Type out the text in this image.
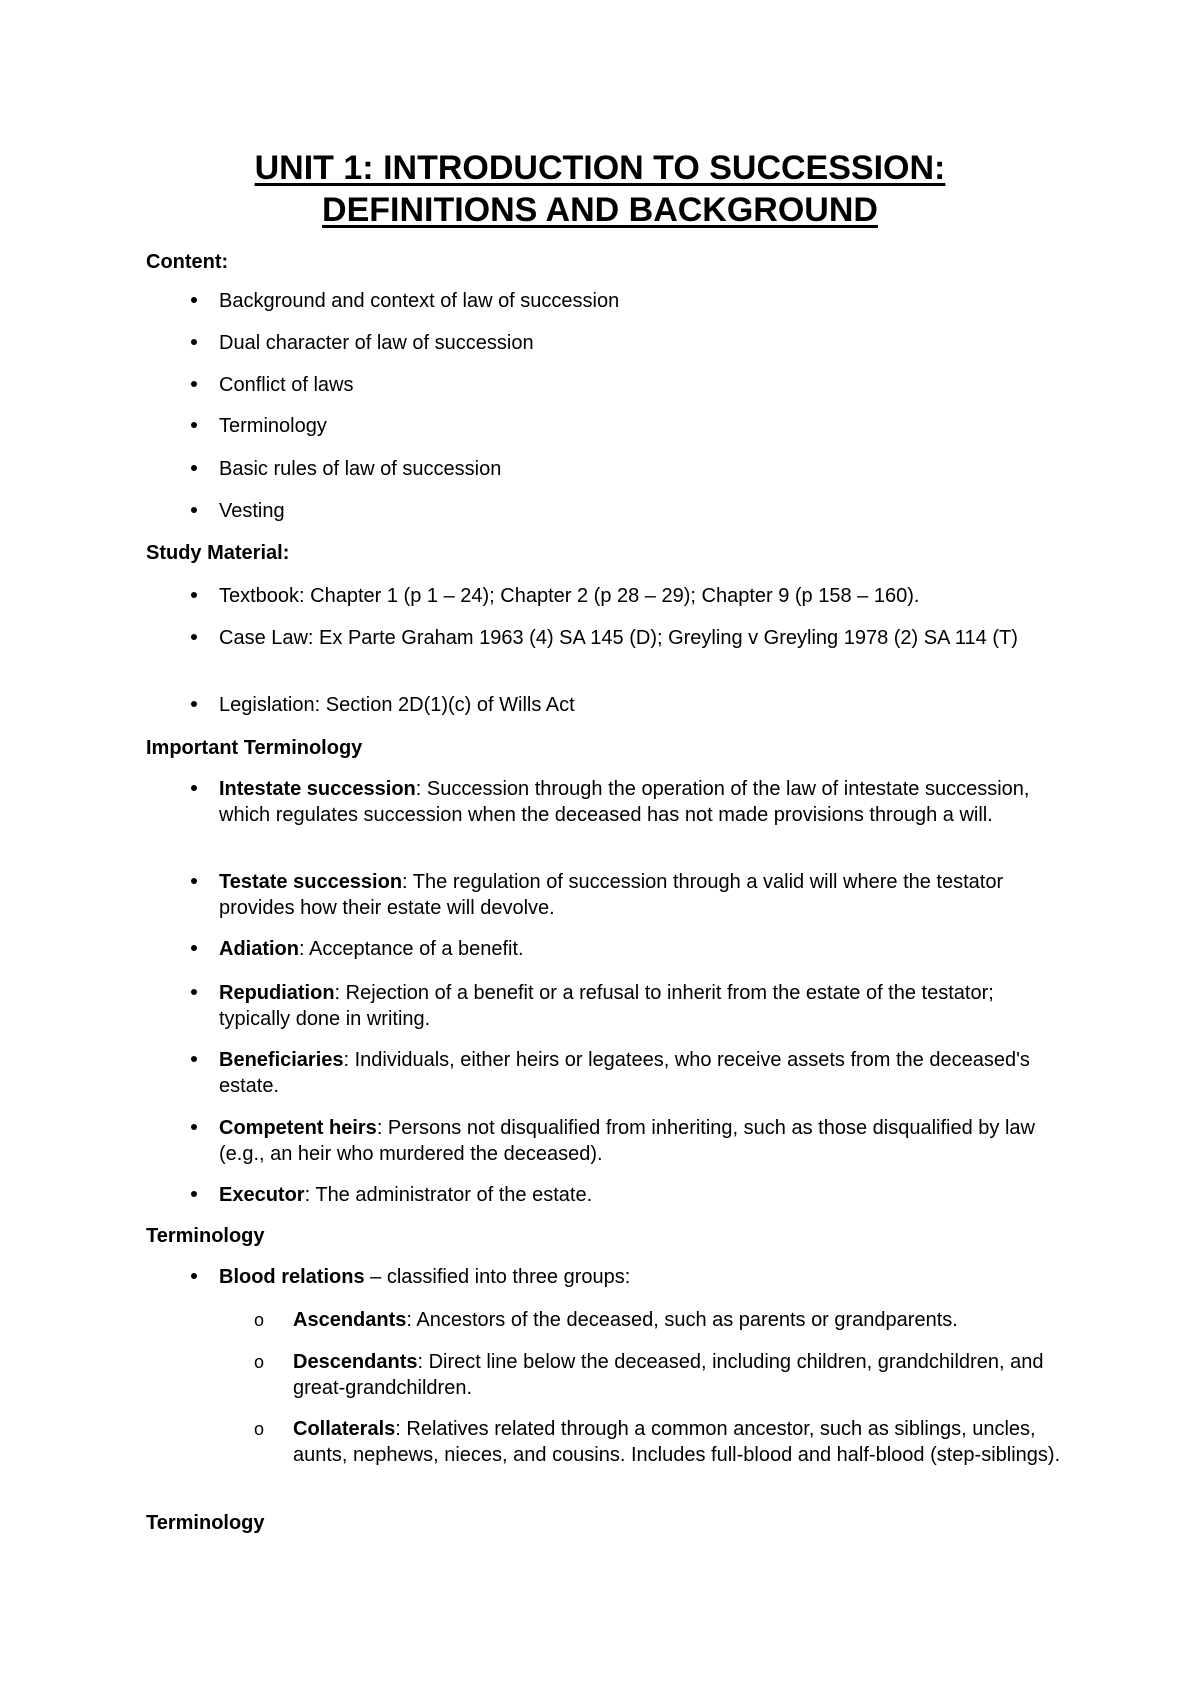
UNIT 1: INTRODUCTION TO SUCCESSION:
DEFINITIONS AND BACKGROUND
Content:
Background and context of law of succession
Dual character of law of succession
Conflict of laws
Terminology
Basic rules of law of succession
Vesting
Study Material:
Textbook: Chapter 1 (p 1 – 24); Chapter 2 (p 28 – 29); Chapter 9 (p 158 – 160).
Case Law: Ex Parte Graham 1963 (4) SA 145 (D); Greyling v Greyling 1978 (2) SA 114 (T)
Legislation: Section 2D(1)(c) of Wills Act
Important Terminology
Intestate succession: Succession through the operation of the law of intestate succession, which regulates succession when the deceased has not made provisions through a will.
Testate succession: The regulation of succession through a valid will where the testator provides how their estate will devolve.
Adiation: Acceptance of a benefit.
Repudiation: Rejection of a benefit or a refusal to inherit from the estate of the testator; typically done in writing.
Beneficiaries: Individuals, either heirs or legatees, who receive assets from the deceased's estate.
Competent heirs: Persons not disqualified from inheriting, such as those disqualified by law (e.g., an heir who murdered the deceased).
Executor: The administrator of the estate.
Terminology
Blood relations – classified into three groups:
o Ascendants: Ancestors of the deceased, such as parents or grandparents.
o Descendants: Direct line below the deceased, including children, grandchildren, and great-grandchildren.
o Collaterals: Relatives related through a common ancestor, such as siblings, uncles, aunts, nephews, nieces, and cousins. Includes full-blood and half-blood (step-siblings).
Terminology
